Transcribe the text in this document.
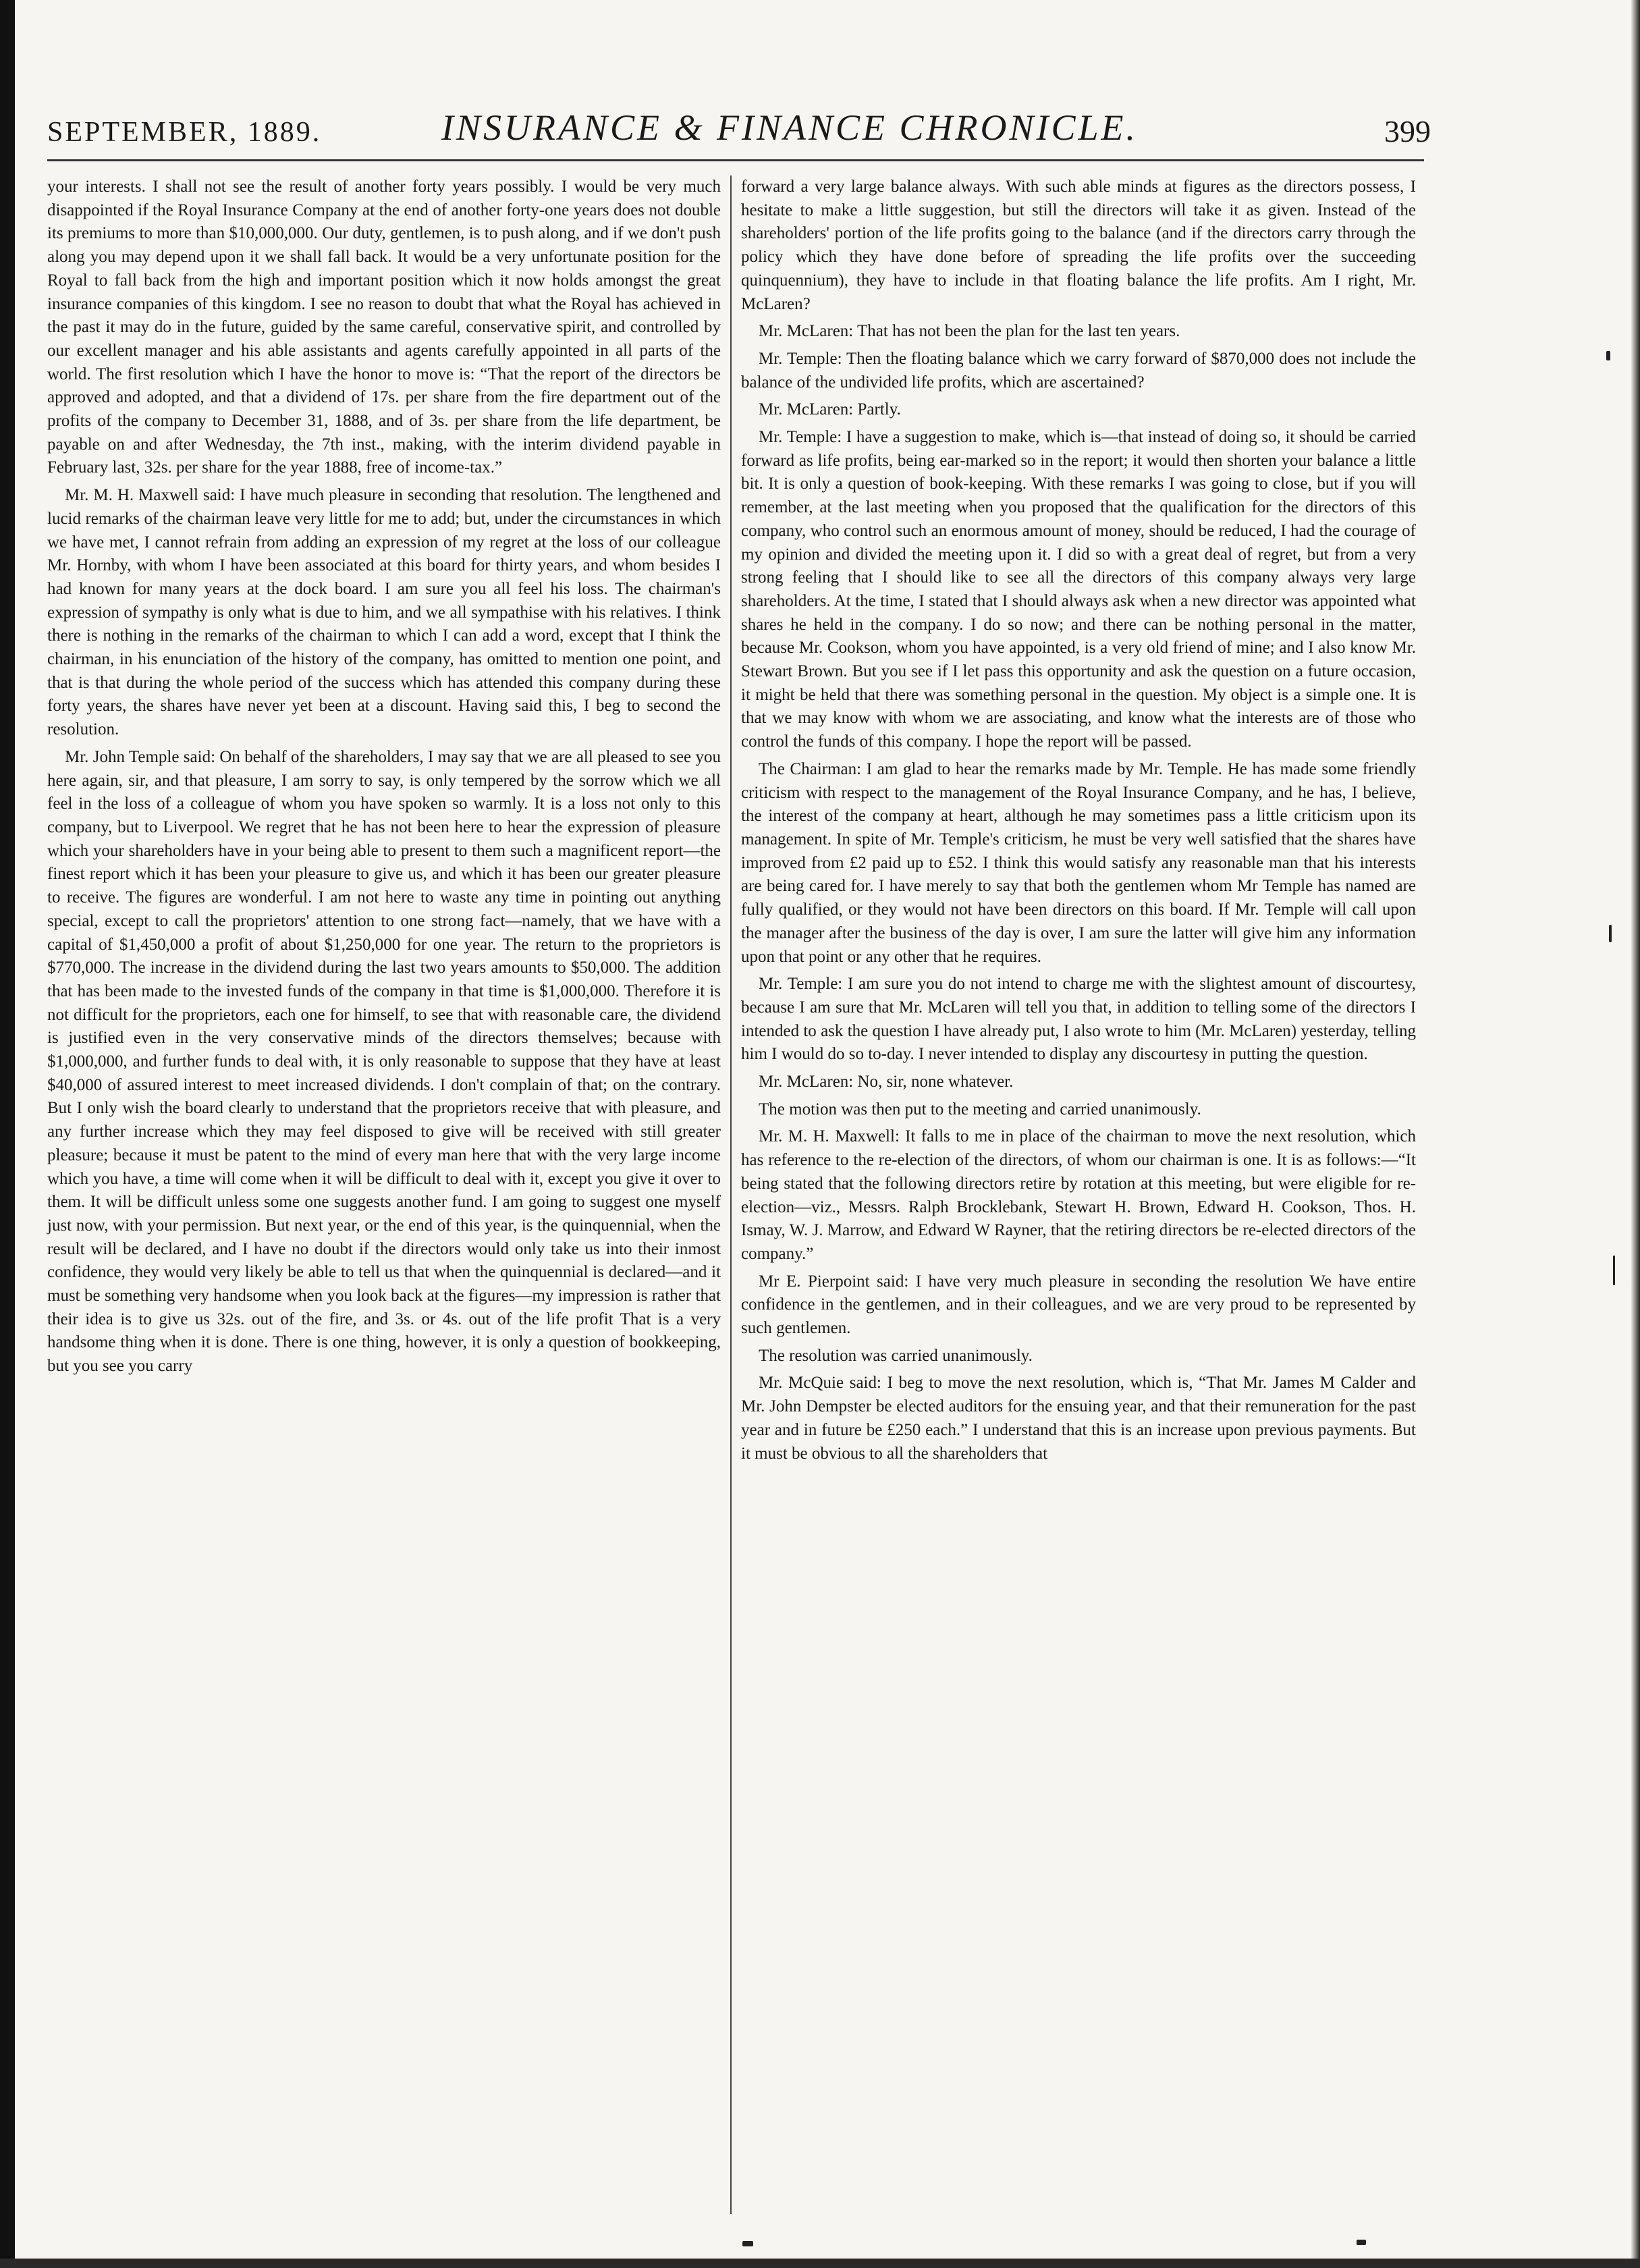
SEPTEMBER, 1889.	INSURANCE & FINANCE CHRONICLE.	399

your interests. I shall not see the result of another forty years possibly. I would be very much disappointed if the Royal Insurance Company at the end of another forty-one years does not double its premiums to more than $10,000,000. Our duty, gentlemen, is to push along, and if we don't push along you may depend upon it we shall fall back. It would be a very unfortunate position for the Royal to fall back from the high and important position which it now holds amongst the great insurance companies of this kingdom. I see no reason to doubt that what the Royal has achieved in the past it may do in the future, guided by the same careful, conservative spirit, and controlled by our excellent manager and his able assistants and agents carefully appointed in all parts of the world. The first resolution which I have the honor to move is: “That the report of the directors be approved and adopted, and that a dividend of 17s. per share from the fire department out of the profits of the company to December 31, 1888, and of 3s. per share from the life department, be payable on and after Wednesday, the 7th inst., making, with the interim dividend payable in February last, 32s. per share for the year 1888, free of income-tax.”

Mr. M. H. Maxwell said: I have much pleasure in seconding that resolution. The lengthened and lucid remarks of the chairman leave very little for me to add; but, under the circumstances in which we have met, I cannot refrain from adding an expression of my regret at the loss of our colleague Mr. Hornby, with whom I have been associated at this board for thirty years, and whom besides I had known for many years at the dock board. I am sure you all feel his loss. The chairman's expression of sympathy is only what is due to him, and we all sympathise with his relatives. I think there is nothing in the remarks of the chairman to which I can add a word, except that I think the chairman, in his enunciation of the history of the company, has omitted to mention one point, and that is that during the whole period of the success which has attended this company during these forty years, the shares have never yet been at a discount. Having said this, I beg to second the resolution.

Mr. John Temple said: On behalf of the shareholders, I may say that we are all pleased to see you here again, sir, and that pleasure, I am sorry to say, is only tempered by the sorrow which we all feel in the loss of a colleague of whom you have spoken so warmly. It is a loss not only to this company, but to Liverpool. We regret that he has not been here to hear the expression of pleasure which your shareholders have in your being able to present to them such a magnificent report—the finest report which it has been your pleasure to give us, and which it has been our greater pleasure to receive. The figures are wonderful. I am not here to waste any time in pointing out anything special, except to call the proprietors' attention to one strong fact—namely, that we have with a capital of $1,450,000 a profit of about $1,250,000 for one year. The return to the proprietors is $770,000. The increase in the dividend during the last two years amounts to $50,000. The addition that has been made to the invested funds of the company in that time is $1,000,000. Therefore it is not difficult for the proprietors, each one for himself, to see that with reasonable care, the dividend is justified even in the very conservative minds of the directors themselves; because with $1,000,000, and further funds to deal with, it is only reasonable to suppose that they have at least $40,000 of assured interest to meet increased dividends. I don't complain of that; on the contrary. But I only wish the board clearly to understand that the proprietors receive that with pleasure, and any further increase which they may feel disposed to give will be received with still greater pleasure; because it must be patent to the mind of every man here that with the very large income which you have, a time will come when it will be difficult to deal with it, except you give it over to them. It will be difficult unless some one suggests another fund. I am going to suggest one myself just now, with your permission. But next year, or the end of this year, is the quinquennial, when the result will be declared, and I have no doubt if the directors would only take us into their inmost confidence, they would very likely be able to tell us that when the quinquennial is declared—and it must be something very handsome when you look back at the figures—my impression is rather that their idea is to give us 32s. out of the fire, and 3s. or 4s. out of the life profit That is a very handsome thing when it is done. There is one thing, however, it is only a question of bookkeeping, but you see you carry

forward a very large balance always. With such able minds at figures as the directors possess, I hesitate to make a little suggestion, but still the directors will take it as given. Instead of the shareholders' portion of the life profits going to the balance (and if the directors carry through the policy which they have done before of spreading the life profits over the succeeding quinquennium), they have to include in that floating balance the life profits. Am I right, Mr. McLaren?

Mr. McLaren: That has not been the plan for the last ten years.

Mr. Temple: Then the floating balance which we carry forward of $870,000 does not include the balance of the undivided life profits, which are ascertained?

Mr. McLaren: Partly.

Mr. Temple: I have a suggestion to make, which is—that instead of doing so, it should be carried forward as life profits, being ear-marked so in the report; it would then shorten your balance a little bit. It is only a question of book-keeping. With these remarks I was going to close, but if you will remember, at the last meeting when you proposed that the qualification for the directors of this company, who control such an enormous amount of money, should be reduced, I had the courage of my opinion and divided the meeting upon it. I did so with a great deal of regret, but from a very strong feeling that I should like to see all the directors of this company always very large shareholders. At the time, I stated that I should always ask when a new director was appointed what shares he held in the company. I do so now; and there can be nothing personal in the matter, because Mr. Cookson, whom you have appointed, is a very old friend of mine; and I also know Mr. Stewart Brown. But you see if I let pass this opportunity and ask the question on a future occasion, it might be held that there was something personal in the question. My object is a simple one. It is that we may know with whom we are associating, and know what the interests are of those who control the funds of this company. I hope the report will be passed.

The Chairman: I am glad to hear the remarks made by Mr. Temple. He has made some friendly criticism with respect to the management of the Royal Insurance Company, and he has, I believe, the interest of the company at heart, although he may sometimes pass a little criticism upon its management. In spite of Mr. Temple's criticism, he must be very well satisfied that the shares have improved from £2 paid up to £52. I think this would satisfy any reasonable man that his interests are being cared for. I have merely to say that both the gentlemen whom Mr Temple has named are fully qualified, or they would not have been directors on this board. If Mr. Temple will call upon the manager after the business of the day is over, I am sure the latter will give him any information upon that point or any other that he requires.

Mr. Temple: I am sure you do not intend to charge me with the slightest amount of discourtesy, because I am sure that Mr. McLaren will tell you that, in addition to telling some of the directors I intended to ask the question I have already put, I also wrote to him (Mr. McLaren) yesterday, telling him I would do so to-day. I never intended to display any discourtesy in putting the question.

Mr. McLaren: No, sir, none whatever.

The motion was then put to the meeting and carried unanimously.

Mr. M. H. Maxwell: It falls to me in place of the chairman to move the next resolution, which has reference to the re-election of the directors, of whom our chairman is one. It is as follows:—“It being stated that the following directors retire by rotation at this meeting, but were eligible for re-election—viz., Messrs. Ralph Brocklebank, Stewart H. Brown, Edward H. Cookson, Thos. H. Ismay, W. J. Marrow, and Edward W Rayner, that the retiring directors be re-elected directors of the company.”

Mr E. Pierpoint said: I have very much pleasure in seconding the resolution We have entire confidence in the gentlemen, and in their colleagues, and we are very proud to be represented by such gentlemen.

The resolution was carried unanimously.

Mr. McQuie said: I beg to move the next resolution, which is, “That Mr. James M Calder and Mr. John Dempster be elected auditors for the ensuing year, and that their remuneration for the past year and in future be £250 each.” I understand that this is an increase upon previous payments. But it must be obvious to all the shareholders that
